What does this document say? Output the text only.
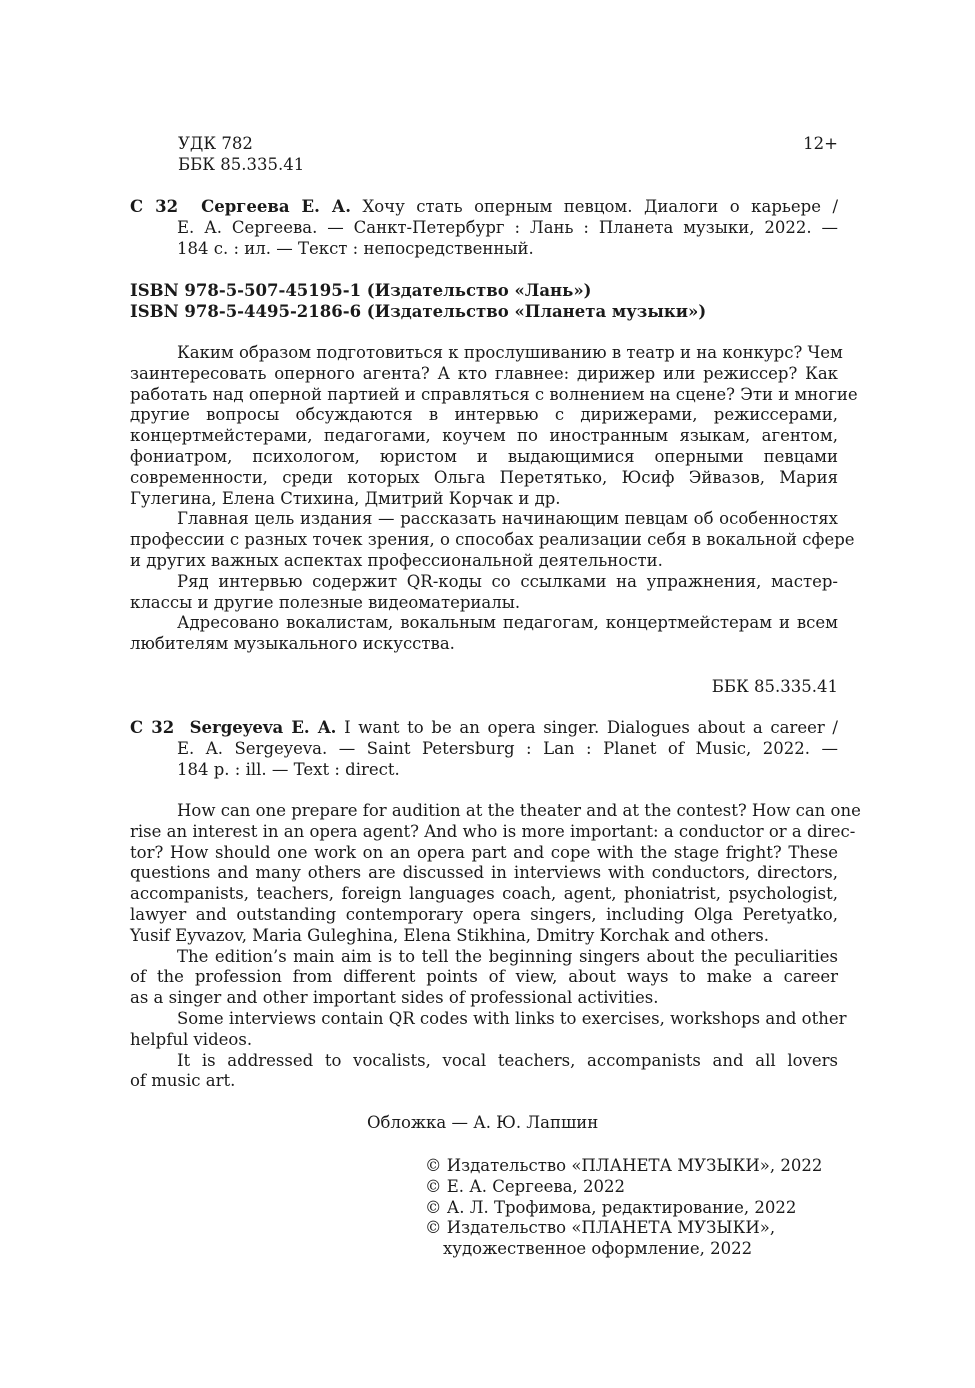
УДК 782

ББК 85.335.41

12+

С 32 Сергеева Е. А. Хочу стать оперным певцом. Диалоги о карьере /
Е. А. Сергеева. — Санкт-Петербург : Лань : Планета музыки, 2022. —
184 с. : ил. — Текст : непосредственный.

ISBN 978-5-507-45195-1 (Издательство «Лань»)

ISBN 978-5-4495-2186-6 (Издательство «Планета музыки»)

Каким образом подготовиться к прослушиванию в театр и на конкурс? Чем
заинтересовать оперного агента? А кто главнее: дирижер или режиссер? Как
работать над оперной партией и справляться с волнением на сцене? Эти и многие
другие вопросы обсуждаются в интервью с дирижерами, режиссерами,
концертмейстерами, педагогами, коучем по иностранным языкам, агентом,
фониатром, психологом, юристом и выдающимися оперными певцами
современности, среди которых Ольга Перетятько, Юсиф Эйвазов, Мария
Гулегина, Елена Стихина, Дмитрий Корчак и др.
Главная цель издания — рассказать начинающим певцам об особенностях
профессии с разных точек зрения, о способах реализации себя в вокальной сфере
и других важных аспектах профессиональной деятельности.
Ряд интервью содержит QR-коды со ссылками на упражнения, мастер-
классы и другие полезные видеоматериалы.
Адресовано вокалистам, вокальным педагогам, концертмейстерам и всем
любителям музыкального искусства.

ББК 85.335.41

С 32 Sergeyeva E. A. I want to be an opera singer. Dialogues about a career /
E. A. Sergeyeva. — Saint Petersburg : Lan : Planet of Music, 2022. —
184 p. : ill. — Text : direct.
How can one prepare for audition at the theater and at the contest? How can one
rise an interest in an opera agent? And who is more important: a conductor or a direc-
tor? How should one work on an opera part and cope with the stage fright? These
questions and many others are discussed in interviews with conductors, directors,
accompanists, teachers, foreign languages coach, agent, phoniatrist, psychologist,
lawyer and outstanding contemporary opera singers, including Olga Peretyatko,
Yusif Eyvazov, Maria Guleghina, Elena Stikhina, Dmitry Korchak and others.
The edition’s main aim is to tell the beginning singers about the peculiarities
of the profession from different points of view, about ways to make a career
as a singer and other important sides of professional activities.
Some interviews contain QR codes with links to exercises, workshops and other
helpful videos.
It is addressed to vocalists, vocal teachers, accompanists and all lovers
of music art.

Обложка — А. Ю. Лапшин

© Издательство «ПЛАНЕТА МУЗЫКИ», 2022

© Е. А. Сергеева, 2022

© А. Л. Трофимова, редактирование, 2022

© Издательство «ПЛАНЕТА МУЗЫКИ»,

художественное оформление, 2022
